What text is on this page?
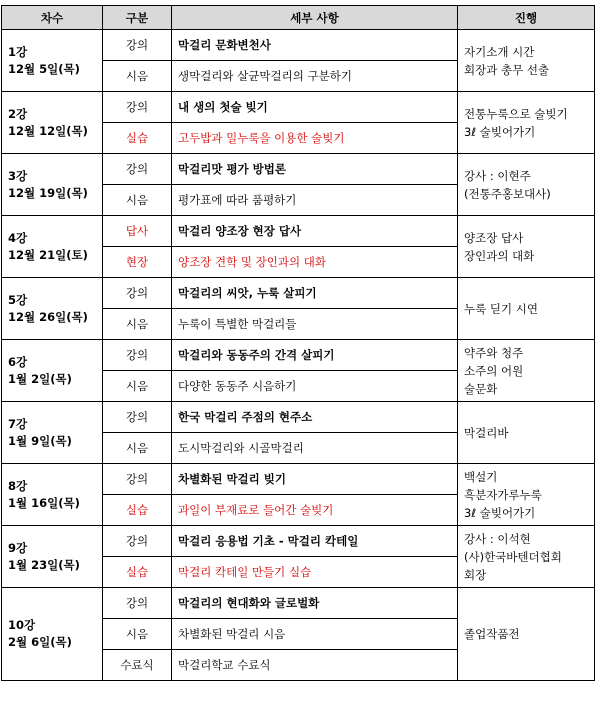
차수	구분	세부 사항	진행

1강
12월 5일(목)	강의	막걸리 문화변천사	자기소개 시간
회장과 총무 선출

	시음	생막걸리와 살균막걸리의 구분하기	

2강
12월 12일(목)	강의	내 생의 첫술 빚기	전통누룩으로 술빚기
3ℓ 술빚어가기

	실습	고두밥과 밀누룩을 이용한 술빚기	

3강
12월 19일(목)	강의	막걸리맛 평가 방법론	강사 : 이현주
(전통주홍보대사)

	시음	평가표에 따라 품평하기	

4강
12월 21일(토)	답사	막걸리 양조장 현장 답사	양조장 답사
장인과의 대화

	현장	양조장 견학 및 장인과의 대화	

5강
12월 26일(목)	강의	막걸리의 씨앗, 누룩 살피기	누룩 딛기 시연

	시음	누룩이 특별한 막걸리들	

6강
1월 2일(목)	강의	막걸리와 동동주의 간격 살피기	약주와 청주
소주의 어원
술문화

	시음	다양한 동동주 시음하기	

7강
1월 9일(목)	강의	한국 막걸리 주점의 현주소	막걸리바

	시음	도시막걸리와 시골막걸리	

8강
1월 16일(목)	강의	차별화된 막걸리 빚기	백설기
흑분자가루누룩
3ℓ 술빚어가기

	실습	과일이 부재료로 들어간 술빚기	

9강
1월 23일(목)	강의	막걸리 응용법 기초 - 막걸리 칵테일	강사 : 이석현
(사)한국바텐더협회
회장

	실습	막걸리 칵테일 만들기 실습	

10강
2월 6일(목)	강의	막걸리의 현대화와 글로벌화	졸업작품전

	시음	차별화된 막걸리 시음	
	수료식	막걸리학교 수료식	
